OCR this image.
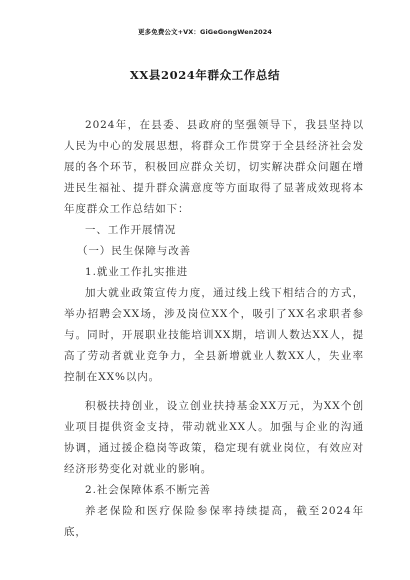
更多免费公文+VX：GiGeGongWen2024
XX县2024年群众工作总结

2024年，在县委、县政府的坚强领导下，我县坚持以人民为中心的发展思想，将群众工作贯穿于全县经济社会发展的各个环节，积极回应群众关切，切实解决群众问题在增进民生福祉、提升群众满意度等方面取得了显著成效现将本年度群众工作总结如下：

一、工作开展情况

（一）民生保障与改善

1.就业工作扎实推进

加大就业政策宣传力度，通过线上线下相结合的方式，举办招聘会XX场，涉及岗位XX个，吸引了XX名求职者参与。同时，开展职业技能培训XX期，培训人数达XX人，提高了劳动者就业竞争力，全县新增就业人数XX人，失业率控制在XX%以内。

积极扶持创业，设立创业扶持基金XX万元，为XX个创业项目提供资金支持，带动就业XX人。加强与企业的沟通协调，通过援企稳岗等政策，稳定现有就业岗位，有效应对经济形势变化对就业的影响。

2.社会保障体系不断完善

养老保险和医疗保险参保率持续提高，截至2024年底，
